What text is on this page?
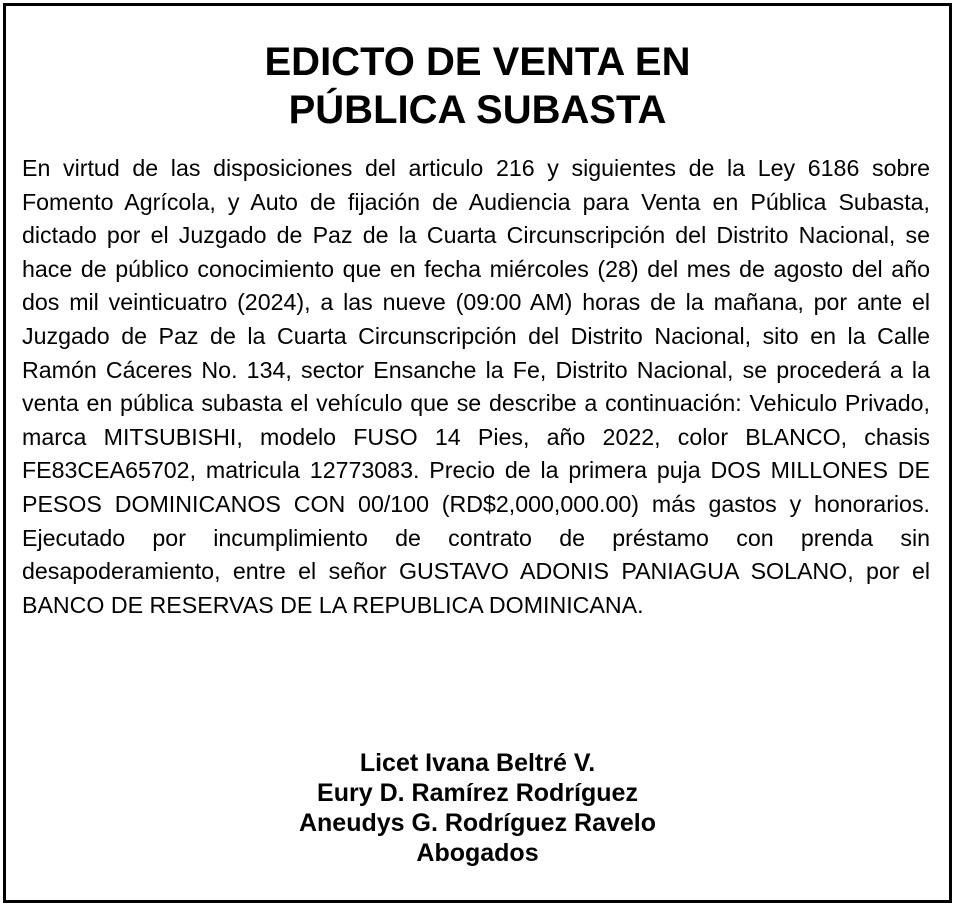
EDICTO DE VENTA EN
PÚBLICA SUBASTA

En virtud de las disposiciones del articulo 216 y siguientes de la Ley 6186 sobre Fomento Agrícola, y Auto de fijación de Audiencia para Venta en Pública Subasta, dictado por el Juzgado de Paz de la Cuarta Circunscripción del Distrito Nacional, se hace de público conocimiento que en fecha miércoles (28) del mes de agosto del año dos mil veinticuatro (2024), a las nueve (09:00 AM) horas de la mañana, por ante el Juzgado de Paz de la Cuarta Circunscripción del Distrito Nacional, sito en la Calle Ramón Cáceres No. 134, sector Ensanche la Fe, Distrito Nacional, se procederá a la venta en pública subasta el vehículo que se describe a continuación: Vehiculo Privado, marca MITSUBISHI, modelo FUSO 14 Pies, año 2022, color BLANCO, chasis FE83CEA65702, matricula 12773083. Precio de la primera puja DOS MILLONES DE PESOS DOMINICANOS CON 00/100 (RD$2,000,000.00) más gastos y honorarios. Ejecutado por incumplimiento de contrato de préstamo con prenda sin desapoderamiento, entre el señor GUSTAVO ADONIS PANIAGUA SOLANO, por el BANCO DE RESERVAS DE LA REPUBLICA DOMINICANA.

Licet Ivana Beltré V.
Eury D. Ramírez Rodríguez
Aneudys G. Rodríguez Ravelo
Abogados
